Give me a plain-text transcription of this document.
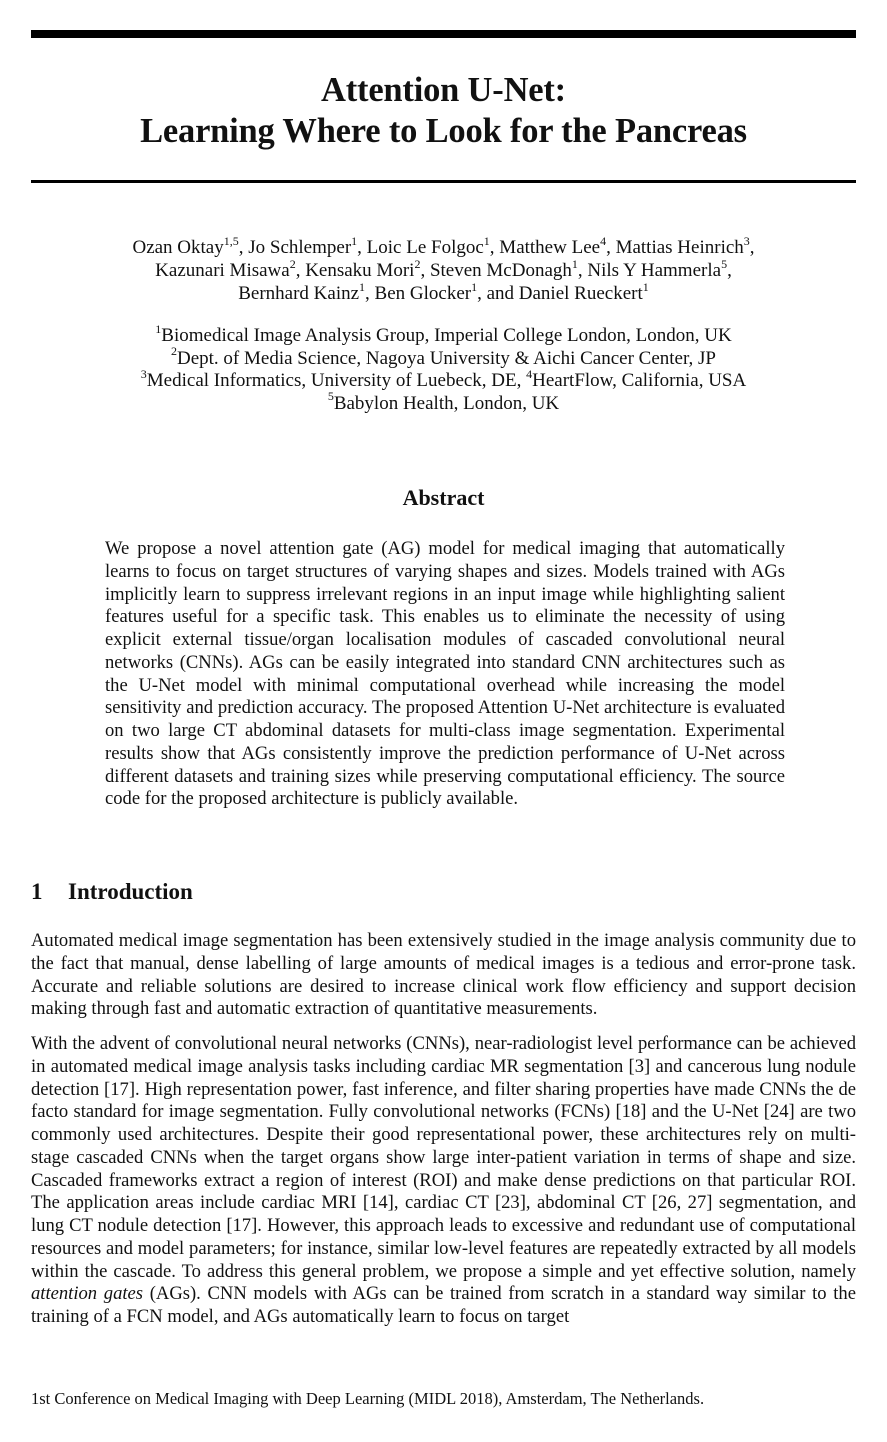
Attention U-Net:
Learning Where to Look for the Pancreas
Ozan Oktay$^{1,5}$, Jo Schlemper$^1$, Loic Le Folgoc$^1$, Matthew Lee$^4$, Mattias Heinrich$^3$,
Kazunari Misawa$^2$, Kensaku Mori$^2$, Steven McDonagh$^1$, Nils Y Hammerla$^5$,
Bernhard Kainz$^1$, Ben Glocker$^1$, and Daniel Rueckert$^1$
$^1$Biomedical Image Analysis Group, Imperial College London, London, UK
$^2$Dept. of Media Science, Nagoya University & Aichi Cancer Center, JP
$^3$Medical Informatics, University of Luebeck, DE, $^4$HeartFlow, California, USA
$^5$Babylon Health, London, UK
Abstract
We propose a novel attention gate (AG) model for medical imaging that automatically learns to focus on target structures of varying shapes and sizes. Models trained with AGs implicitly learn to suppress irrelevant regions in an input image while highlighting salient features useful for a specific task. This enables us to eliminate the necessity of using explicit external tissue/organ localisation modules of cascaded convolutional neural networks (CNNs). AGs can be easily integrated into standard CNN architectures such as the U-Net model with minimal computational overhead while increasing the model sensitivity and prediction accuracy. The proposed Attention U-Net architecture is evaluated on two large CT abdominal datasets for multi-class image segmentation. Experimental results show that AGs consistently improve the prediction performance of U-Net across different datasets and training sizes while preserving computational efficiency. The source code for the proposed architecture is publicly available.
1 Introduction
Automated medical image segmentation has been extensively studied in the image analysis community due to the fact that manual, dense labelling of large amounts of medical images is a tedious and error-prone task. Accurate and reliable solutions are desired to increase clinical work flow efficiency and support decision making through fast and automatic extraction of quantitative measurements.
With the advent of convolutional neural networks (CNNs), near-radiologist level performance can be achieved in automated medical image analysis tasks including cardiac MR segmentation [3] and cancerous lung nodule detection [17]. High representation power, fast inference, and filter sharing properties have made CNNs the de facto standard for image segmentation. Fully convolutional networks (FCNs) [18] and the U-Net [24] are two commonly used architectures. Despite their good representational power, these architectures rely on multi-stage cascaded CNNs when the target organs show large inter-patient variation in terms of shape and size. Cascaded frameworks extract a region of interest (ROI) and make dense predictions on that particular ROI. The application areas include cardiac MRI [14], cardiac CT [23], abdominal CT [26, 27] segmentation, and lung CT nodule detection [17]. However, this approach leads to excessive and redundant use of computational resources and model parameters; for instance, similar low-level features are repeatedly extracted by all models within the cascade. To address this general problem, we propose a simple and yet effective solution, namely attention gates (AGs). CNN models with AGs can be trained from scratch in a standard way similar to the training of a FCN model, and AGs automatically learn to focus on target
1st Conference on Medical Imaging with Deep Learning (MIDL 2018), Amsterdam, The Netherlands.
